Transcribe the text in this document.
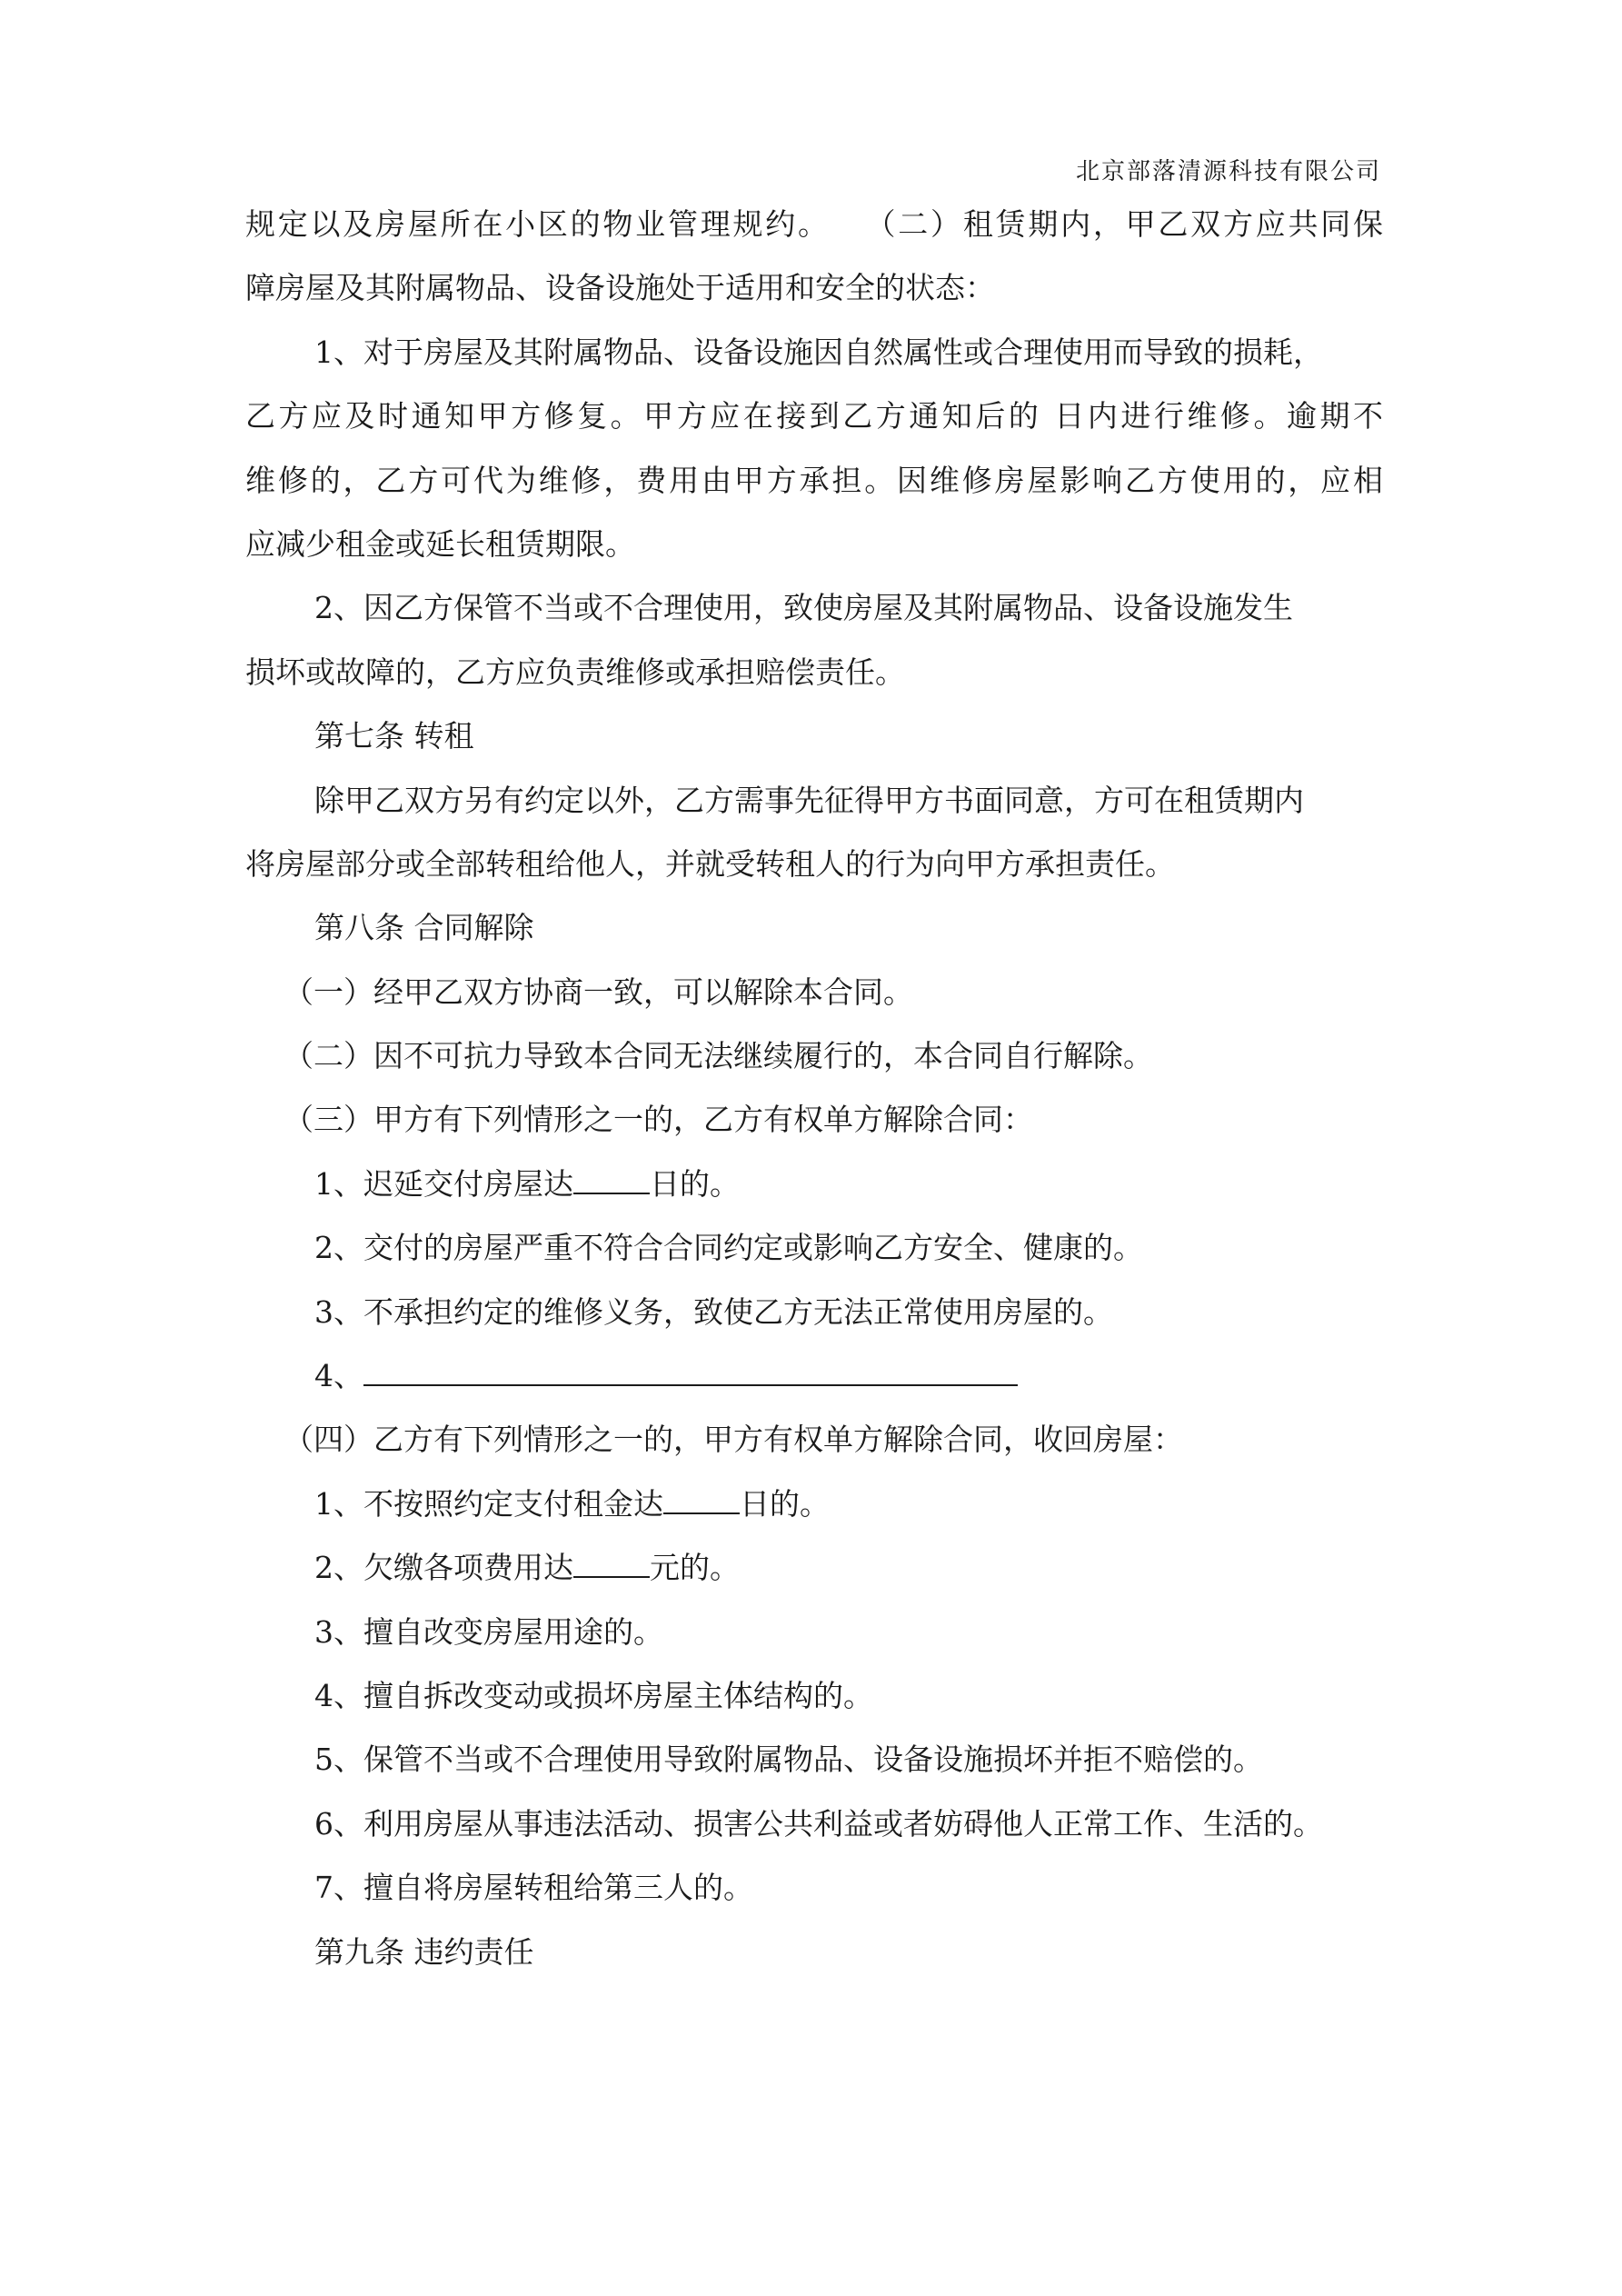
北京部落清源科技有限公司
规定以及房屋所在小区的物业管理规约。 （二）租赁期内，甲乙双方应共同保
障房屋及其附属物品、设备设施处于适用和安全的状态：
1、对于房屋及其附属物品、设备设施因自然属性或合理使用而导致的损耗，
乙方应及时通知甲方修复。甲方应在接到乙方通知后的 日内进行维修。逾期不
维修的，乙方可代为维修，费用由甲方承担。因维修房屋影响乙方使用的，应相
应减少租金或延长租赁期限。
2、因乙方保管不当或不合理使用，致使房屋及其附属物品、设备设施发生
损坏或故障的，乙方应负责维修或承担赔偿责任。
第七条 转租
除甲乙双方另有约定以外，乙方需事先征得甲方书面同意，方可在租赁期内
将房屋部分或全部转租给他人，并就受转租人的行为向甲方承担责任。
第八条 合同解除
（一）经甲乙双方协商一致，可以解除本合同。
（二）因不可抗力导致本合同无法继续履行的，本合同自行解除。
（三）甲方有下列情形之一的，乙方有权单方解除合同：
1、迟延交付房屋达	日的。
2、交付的房屋严重不符合合同约定或影响乙方安全、健康的。
3、不承担约定的维修义务，致使乙方无法正常使用房屋的。
4、
（四）乙方有下列情形之一的，甲方有权单方解除合同，收回房屋：
1、不按照约定支付租金达	日的。
2、欠缴各项费用达	元的。
3、擅自改变房屋用途的。
4、擅自拆改变动或损坏房屋主体结构的。
5、保管不当或不合理使用导致附属物品、设备设施损坏并拒不赔偿的。
6、利用房屋从事违法活动、损害公共利益或者妨碍他人正常工作、生活的。
7、擅自将房屋转租给第三人的。
第九条 违约责任
